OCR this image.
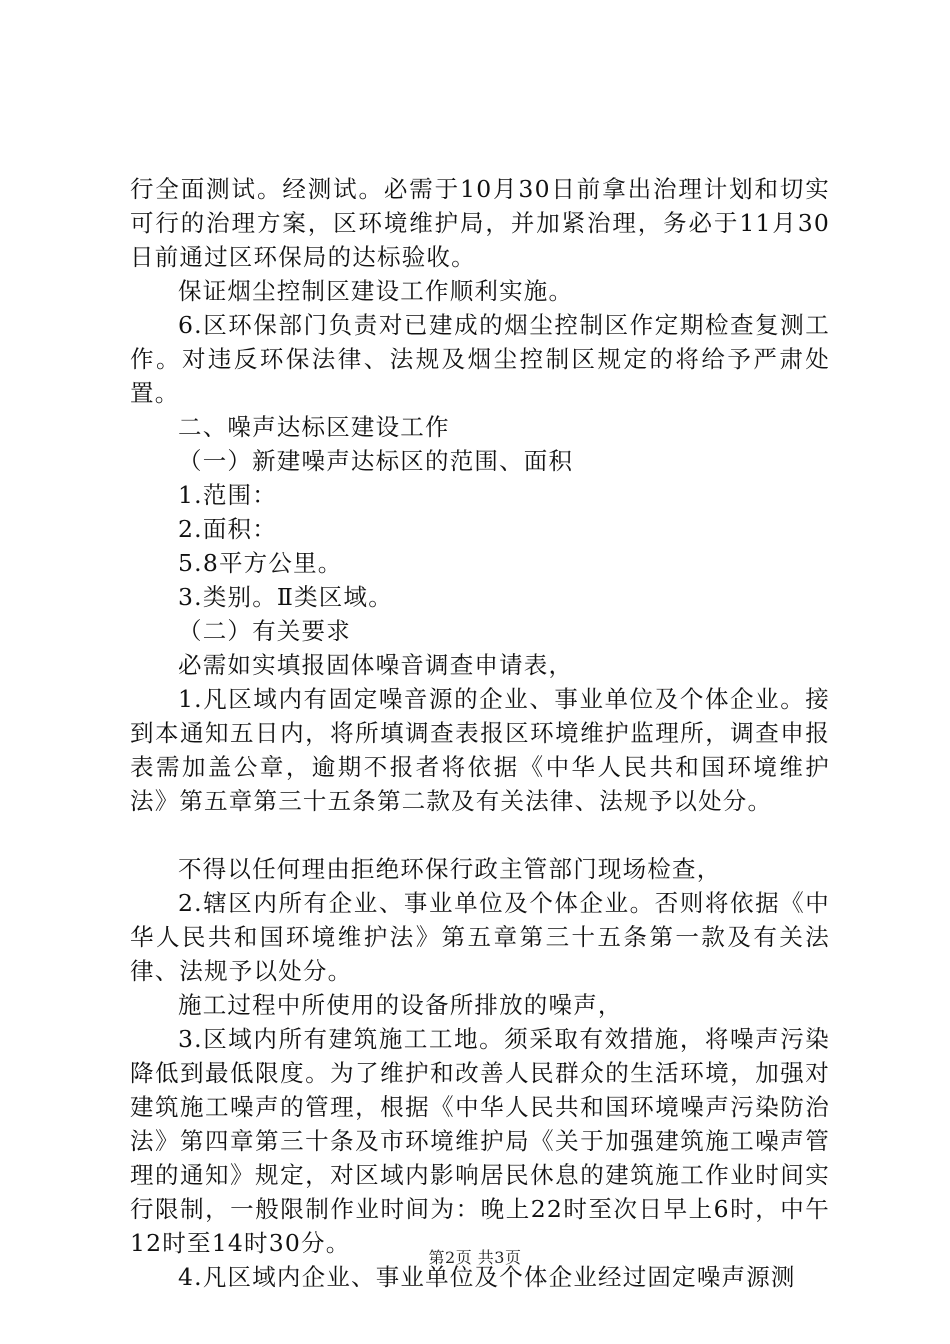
行全面测试。经测试。必需于10月30日前拿出治理计划和切实可行的治理方案，区环境维护局，并加紧治理，务必于11月30日前通过区环保局的达标验收。

保证烟尘控制区建设工作顺利实施。

6.区环保部门负责对已建成的烟尘控制区作定期检查复测工作。对违反环保法律、法规及烟尘控制区规定的将给予严肃处置。

二、噪声达标区建设工作

（一）新建噪声达标区的范围、面积

1.范围：

2.面积：

5.8平方公里。

3.类别。Ⅱ类区域。

（二）有关要求

必需如实填报固体噪音调查申请表，

1.凡区域内有固定噪音源的企业、事业单位及个体企业。接到本通知五日内，将所填调查表报区环境维护监理所，调查申报表需加盖公章，逾期不报者将依据《中华人民共和国环境维护法》第五章第三十五条第二款及有关法律、法规予以处分。

不得以任何理由拒绝环保行政主管部门现场检查，

2.辖区内所有企业、事业单位及个体企业。否则将依据《中华人民共和国环境维护法》第五章第三十五条第一款及有关法律、法规予以处分。

施工过程中所使用的设备所排放的噪声，

3.区域内所有建筑施工工地。须采取有效措施，将噪声污染降低到最低限度。为了维护和改善人民群众的生活环境，加强对建筑施工噪声的管理，根据《中华人民共和国环境噪声污染防治法》第四章第三十条及市环境维护局《关于加强建筑施工噪声管理的通知》规定，对区域内影响居民休息的建筑施工作业时间实行限制，一般限制作业时间为：晚上22时至次日早上6时，中午12时至14时30分。

4.凡区域内企业、事业单位及个体企业经过固定噪声源测

第2页 共3页
